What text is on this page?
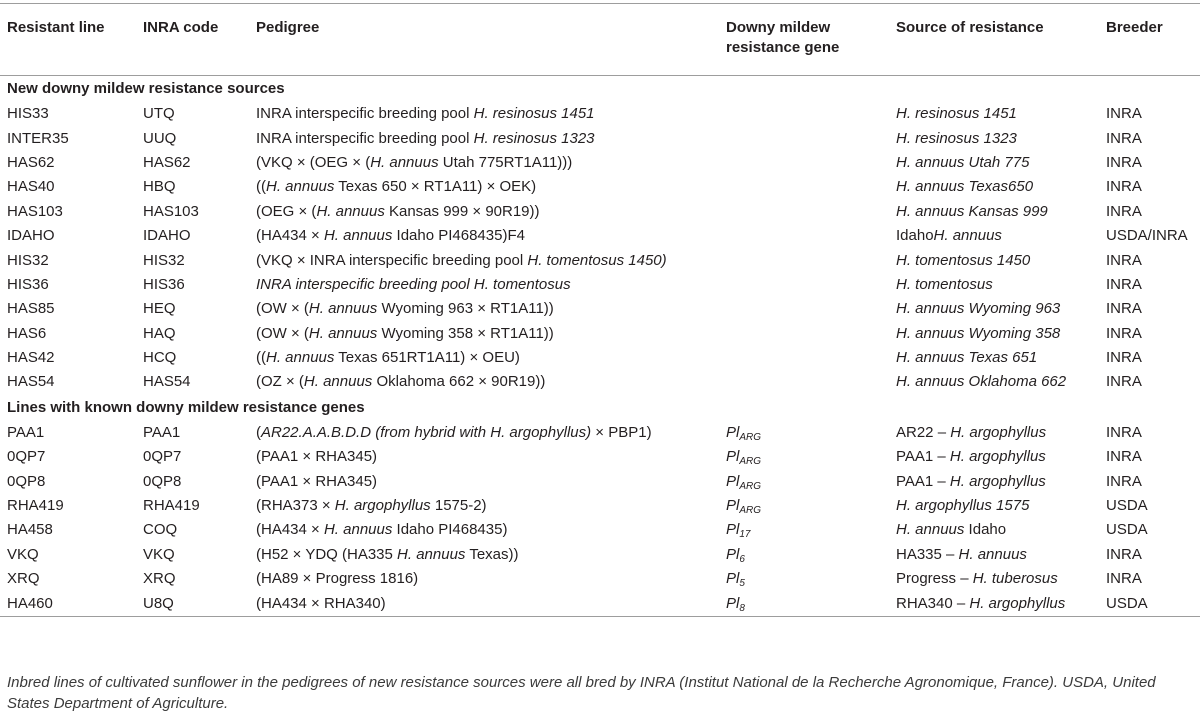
Resistant line	INRA code	Pedigree	Downy mildew
resistance gene	Source of resistance	Breeder
New downy mildew resistance sources					
HIS33	UTQ	INRA interspecific breeding pool H. resinosus 1451		H. resinosus 1451	INRA
INTER35	UUQ	INRA interspecific breeding pool H. resinosus 1323		H. resinosus 1323	INRA
HAS62	HAS62	(VKQ × (OEG × (H. annuus Utah 775RT1A11)))		H. annuus Utah 775	INRA
HAS40	HBQ	((H. annuus Texas 650 × RT1A11) × OEK)		H. annuus Texas650	INRA
HAS103	HAS103	(OEG × (H. annuus Kansas 999 × 90R19))		H. annuus Kansas 999	INRA
IDAHO	IDAHO	(HA434 × H. annuus Idaho PI468435)F4		IdahoH. annuus	USDA/INRA
HIS32	HIS32	(VKQ × INRA interspecific breeding pool H. tomentosus 1450)		H. tomentosus 1450	INRA
HIS36	HIS36	INRA interspecific breeding pool H. tomentosus		H. tomentosus	INRA
HAS85	HEQ	(OW × (H. annuus Wyoming 963 × RT1A11))		H. annuus Wyoming 963	INRA
HAS6	HAQ	(OW × (H. annuus Wyoming 358 × RT1A11))		H. annuus Wyoming 358	INRA
HAS42	HCQ	((H. annuus Texas 651RT1A11) × OEU)		H. annuus Texas 651	INRA
HAS54	HAS54	(OZ × (H. annuus Oklahoma 662 × 90R19))		H. annuus Oklahoma 662	INRA
Lines with known downy mildew resistance genes					
PAA1	PAA1	(AR22.A.A.B.D.D (from hybrid with H. argophyllus) × PBP1)	$Pl_{ARG}$	AR22 – H. argophyllus	INRA
0QP7	0QP7	(PAA1 × RHA345)	$Pl_{ARG}$	PAA1 – H. argophyllus	INRA
0QP8	0QP8	(PAA1 × RHA345)	$Pl_{ARG}$	PAA1 – H. argophyllus	INRA
RHA419	RHA419	(RHA373 × H. argophyllus 1575-2)	$Pl_{ARG}$	H. argophyllus 1575	USDA
HA458	COQ	(HA434 × H. annuus Idaho PI468435)	$Pl_{17}$	H. annuus Idaho	USDA
VKQ	VKQ	(H52 × YDQ (HA335 H. annuus Texas))	$Pl_6$	HA335 – H. annuus	INRA
XRQ	XRQ	(HA89 × Progress 1816)	$Pl_5$	Progress – H. tuberosus	INRA
HA460	U8Q	(HA434 × RHA340)	$Pl_8$	RHA340 – H. argophyllus	USDA
Inbred lines of cultivated sunflower in the pedigrees of new resistance sources were all bred by INRA (Institut National de la Recherche Agronomique, France). USDA, United States Department of Agriculture.
